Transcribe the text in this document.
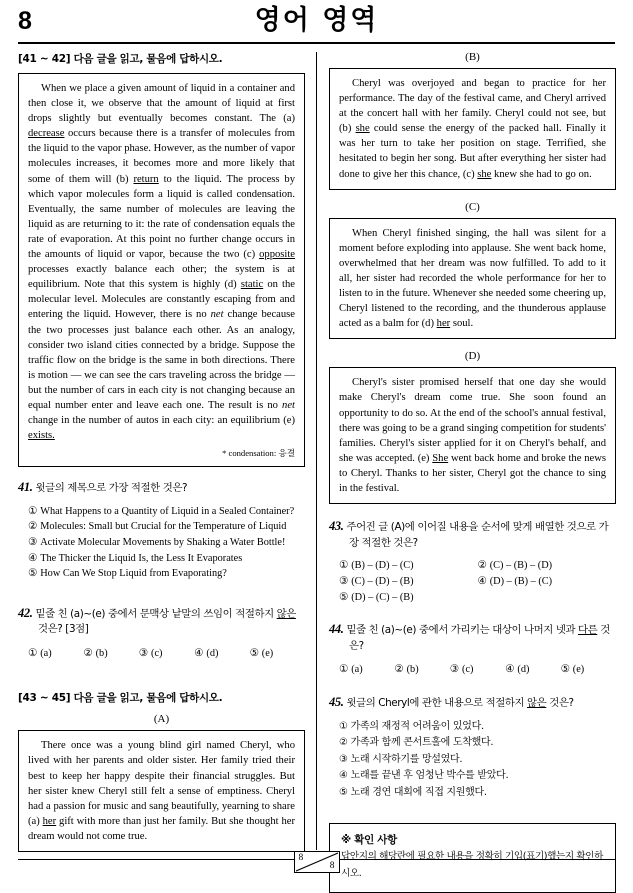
8	영어 영역
[41 ~ 42] 다음 글을 읽고, 물음에 답하시오.

When we place a given amount of liquid in a container and then close it, we observe that the amount of liquid at first drops slightly but eventually becomes constant. The (a) decrease occurs because there is a transfer of molecules from the liquid to the vapor phase. However, as the number of vapor molecules increases, it becomes more and more likely that some of them will (b) return to the liquid. The process by which vapor molecules form a liquid is called condensation. Eventually, the same number of molecules are leaving the liquid as are returning to it: the rate of condensation equals the rate of evaporation. At this point no further change occurs in the amounts of liquid or vapor, because the two (c) opposite processes exactly balance each other; the system is at equilibrium. Note that this system is highly (d) static on the molecular level. Molecules are constantly escaping from and entering the liquid. However, there is no net change because the two processes just balance each other. As an analogy, consider two island cities connected by a bridge. Suppose the traffic flow on the bridge is the same in both directions. There is motion — we can see the cars traveling across the bridge — but the number of cars in each city is not changing because an equal number enter and leave each one. The result is no net change in the number of autos in each city: an equilibrium (e) exists.

* condensation: 응결
41. 윗글의 제목으로 가장 적절한 것은?
① What Happens to a Quantity of Liquid in a Sealed Container?
② Molecules: Small but Crucial for the Temperature of Liquid
③ Activate Molecular Movements by Shaking a Water Bottle!
④ The Thicker the Liquid Is, the Less It Evaporates
⑤ How Can We Stop Liquid from Evaporating?
42. 밑줄 친 (a)~(e) 중에서 문맥상 낱말의 쓰임이 적절하지 않은 것은? [3점]
① (a)	② (b)	③ (c)	④ (d)	⑤ (e)
[43 ~ 45] 다음 글을 읽고, 물음에 답하시오.
(A)

There once was a young blind girl named Cheryl, who lived with her parents and older sister. Her family tried their best to keep her happy despite their financial struggles. But her sister knew Cheryl still felt a sense of emptiness. Cheryl had a passion for music and sang beautifully, yearning to share (a) her gift with more than just her family. But she thought her dream would not come true.

(B)

Cheryl was overjoyed and began to practice for her performance. The day of the festival came, and Cheryl arrived at the concert hall with her family. Cheryl could not see, but (b) she could sense the energy of the packed hall. Finally it was her turn to take her position on stage. Terrified, she hesitated to begin her song. But after everything her sister had done to give her this chance, (c) she knew she had to go on.

(C)

When Cheryl finished singing, the hall was silent for a moment before exploding into applause. She went back home, overwhelmed that her dream was now fulfilled. To add to it all, her sister had recorded the whole performance for her to listen to in the future. Whenever she needed some cheering up, Cheryl listened to the recording, and the thunderous applause acted as a balm for (d) her soul.

(D)

Cheryl's sister promised herself that one day she would make Cheryl's dream come true. She soon found an opportunity to do so. At the end of the school's annual festival, there was going to be a grand singing competition for students' families. Cheryl's sister applied for it on Cheryl's behalf, and she was accepted. (e) She went back home and broke the news to Cheryl. Thanks to her sister, Cheryl got the chance to sing in the festival.

43. 주어진 글 (A)에 이어질 내용을 순서에 맞게 배열한 것으로 가장 적절한 것은?
① (B) – (D) – (C)	② (C) – (B) – (D)
③ (C) – (D) – (B)	④ (D) – (B) – (C)
⑤ (D) – (C) – (B)
44. 밑줄 친 (a)~(e) 중에서 가리키는 대상이 나머지 넷과 다른 것은?
① (a)	② (b)	③ (c)	④ (d)	⑤ (e)
45. 윗글의 Cheryl에 관한 내용으로 적절하지 않은 것은?
① 가족의 재정적 어려움이 있었다.
② 가족과 함께 콘서트홀에 도착했다.
③ 노래 시작하기를 망설였다.
④ 노래를 끝낸 후 엄청난 박수를 받았다.
⑤ 노래 경연 대회에 직접 지원했다.
※ 확인 사항
답안지의 해당란에 필요한 내용을 정확히 기입(표기)했는지 확인하시오.
8
8
